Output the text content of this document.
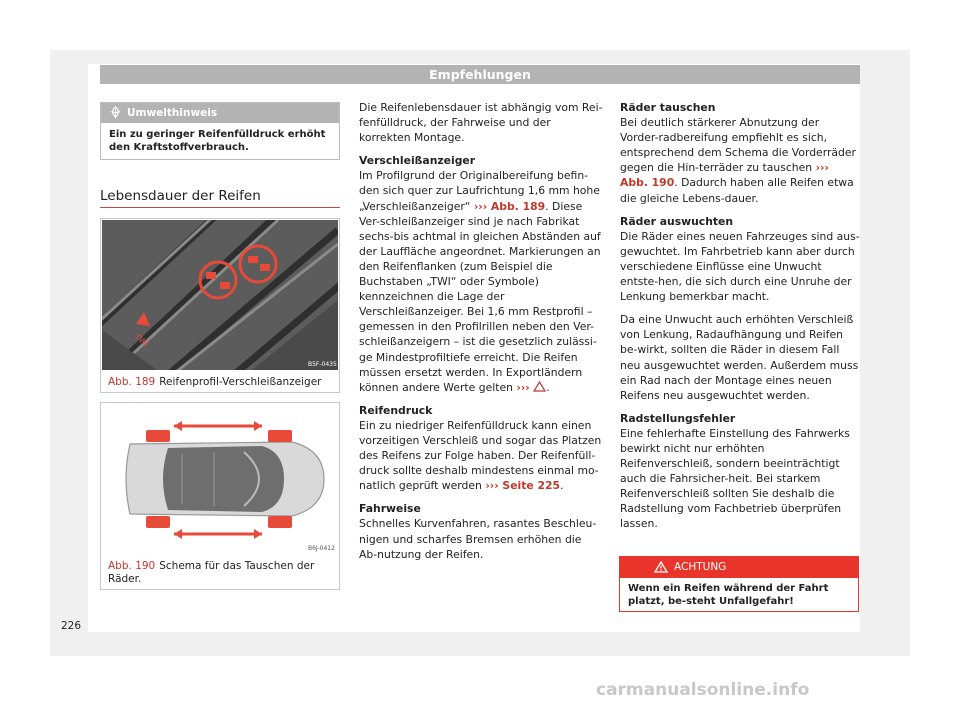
Empfehlungen
Umwelthinweis
Ein zu geringer Reifenfülldruck erhöht den Kraftstoffverbrauch.
Lebensdauer der Reifen
TWI
B5F-0435
Abb. 189 Reifenprofil-Verschleißanzeiger
B6J-0412
Abb. 190 Schema für das Tauschen der Räder.

Die Reifenlebensdauer ist abhängig vom Rei-fenfülldruck, der Fahrweise und der korrekten Montage.

Verschleißanzeiger
Im Profilgrund der Originalbereifung befin-den sich quer zur Laufrichtung 1,6 mm hohe „Verschleißanzeiger“ ››› Abb. 189. Diese Ver-schleißanzeiger sind je nach Fabrikat sechs-bis achtmal in gleichen Abständen auf der Lauffläche angeordnet. Markierungen an den Reifenflanken (zum Beispiel die Buchstaben „TWI“ oder Symbole) kennzeichnen die Lage der Verschleißanzeiger. Bei 1,6 mm Restprofil – gemessen in den Profilrillen neben den Ver-schleißanzeigern – ist die gesetzlich zulässi-ge Mindestprofiltiefe erreicht. Die Reifen müssen ersetzt werden. In Exportländern können andere Werte gelten ››› .

Reifendruck
Ein zu niedriger Reifenfülldruck kann einen vorzeitigen Verschleiß und sogar das Platzen des Reifens zur Folge haben. Der Reifenfüll-druck sollte deshalb mindestens einmal mo-natlich geprüft werden ››› Seite 225.

Fahrweise
Schnelles Kurvenfahren, rasantes Beschleu-nigen und scharfes Bremsen erhöhen die Ab-nutzung der Reifen.

Räder tauschen
Bei deutlich stärkerer Abnutzung der Vorder-radbereifung empfiehlt es sich, entsprechend dem Schema die Vorderräder gegen die Hin-terräder zu tauschen ››› Abb. 190. Dadurch haben alle Reifen etwa die gleiche Lebens-dauer.

Räder auswuchten
Die Räder eines neuen Fahrzeuges sind aus-gewuchtet. Im Fahrbetrieb kann aber durch verschiedene Einflüsse eine Unwucht entste-hen, die sich durch eine Unruhe der Lenkung bemerkbar macht.

Da eine Unwucht auch erhöhten Verschleiß von Lenkung, Radaufhängung und Reifen be-wirkt, sollten die Räder in diesem Fall neu ausgewuchtet werden. Außerdem muss ein Rad nach der Montage eines neuen Reifens neu ausgewuchtet werden.

Radstellungsfehler
Eine fehlerhafte Einstellung des Fahrwerks bewirkt nicht nur erhöhten Reifenverschleiß, sondern beeinträchtigt auch die Fahrsicher-heit. Bei starkem Reifenverschleiß sollten Sie deshalb die Radstellung vom Fachbetrieb überprüfen lassen.

ACHTUNG
Wenn ein Reifen während der Fahrt platzt, be-steht Unfallgefahr!
226
carmanualsonline.info
